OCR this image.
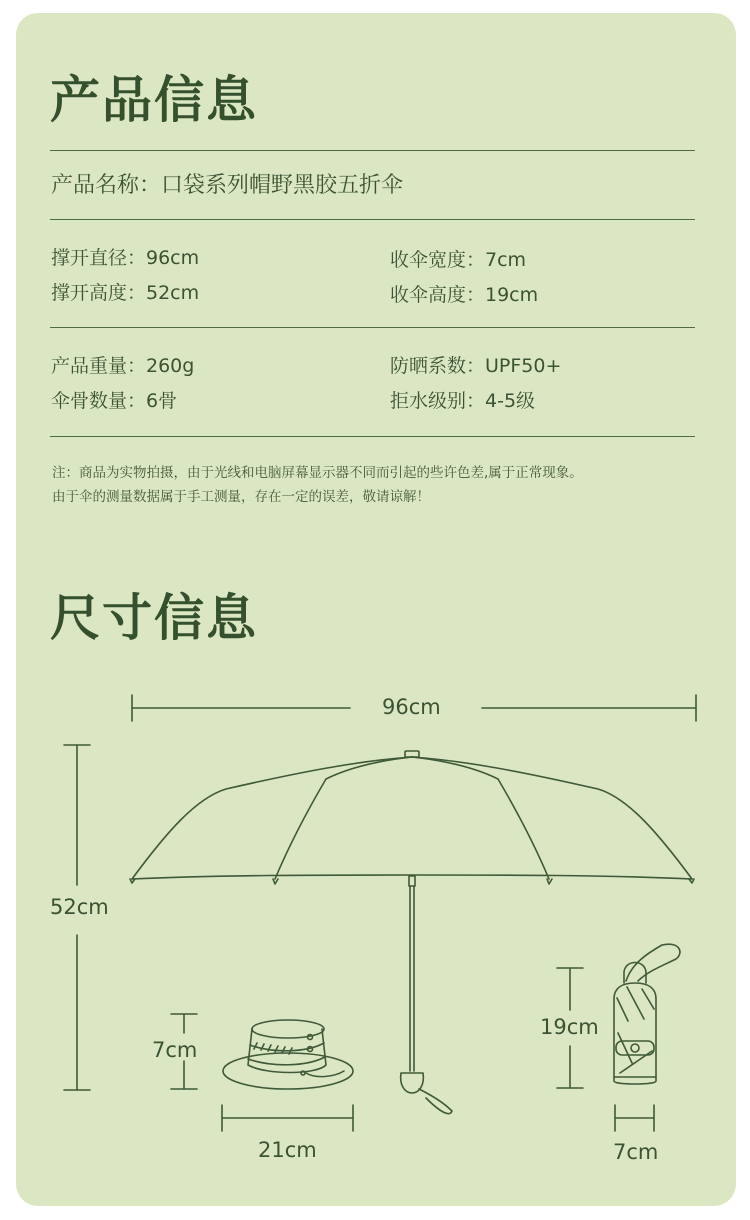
产品信息
产品名称：口袋系列帽野黑胶五折伞
撑开直径：96cm	收伞宽度：7cm
撑开高度：52cm	收伞高度：19cm
产品重量：260g	防晒系数：UPF50+
伞骨数量：6骨	拒水级别：4-5级
注：商品为实物拍摄，由于光线和电脑屏幕显示器不同而引起的些许色差,属于正常现象。
由于伞的测量数据属于手工测量，存在一定的误差，敬请谅解！
尺寸信息
96cm
52cm
7cm
21cm
19cm
7cm
